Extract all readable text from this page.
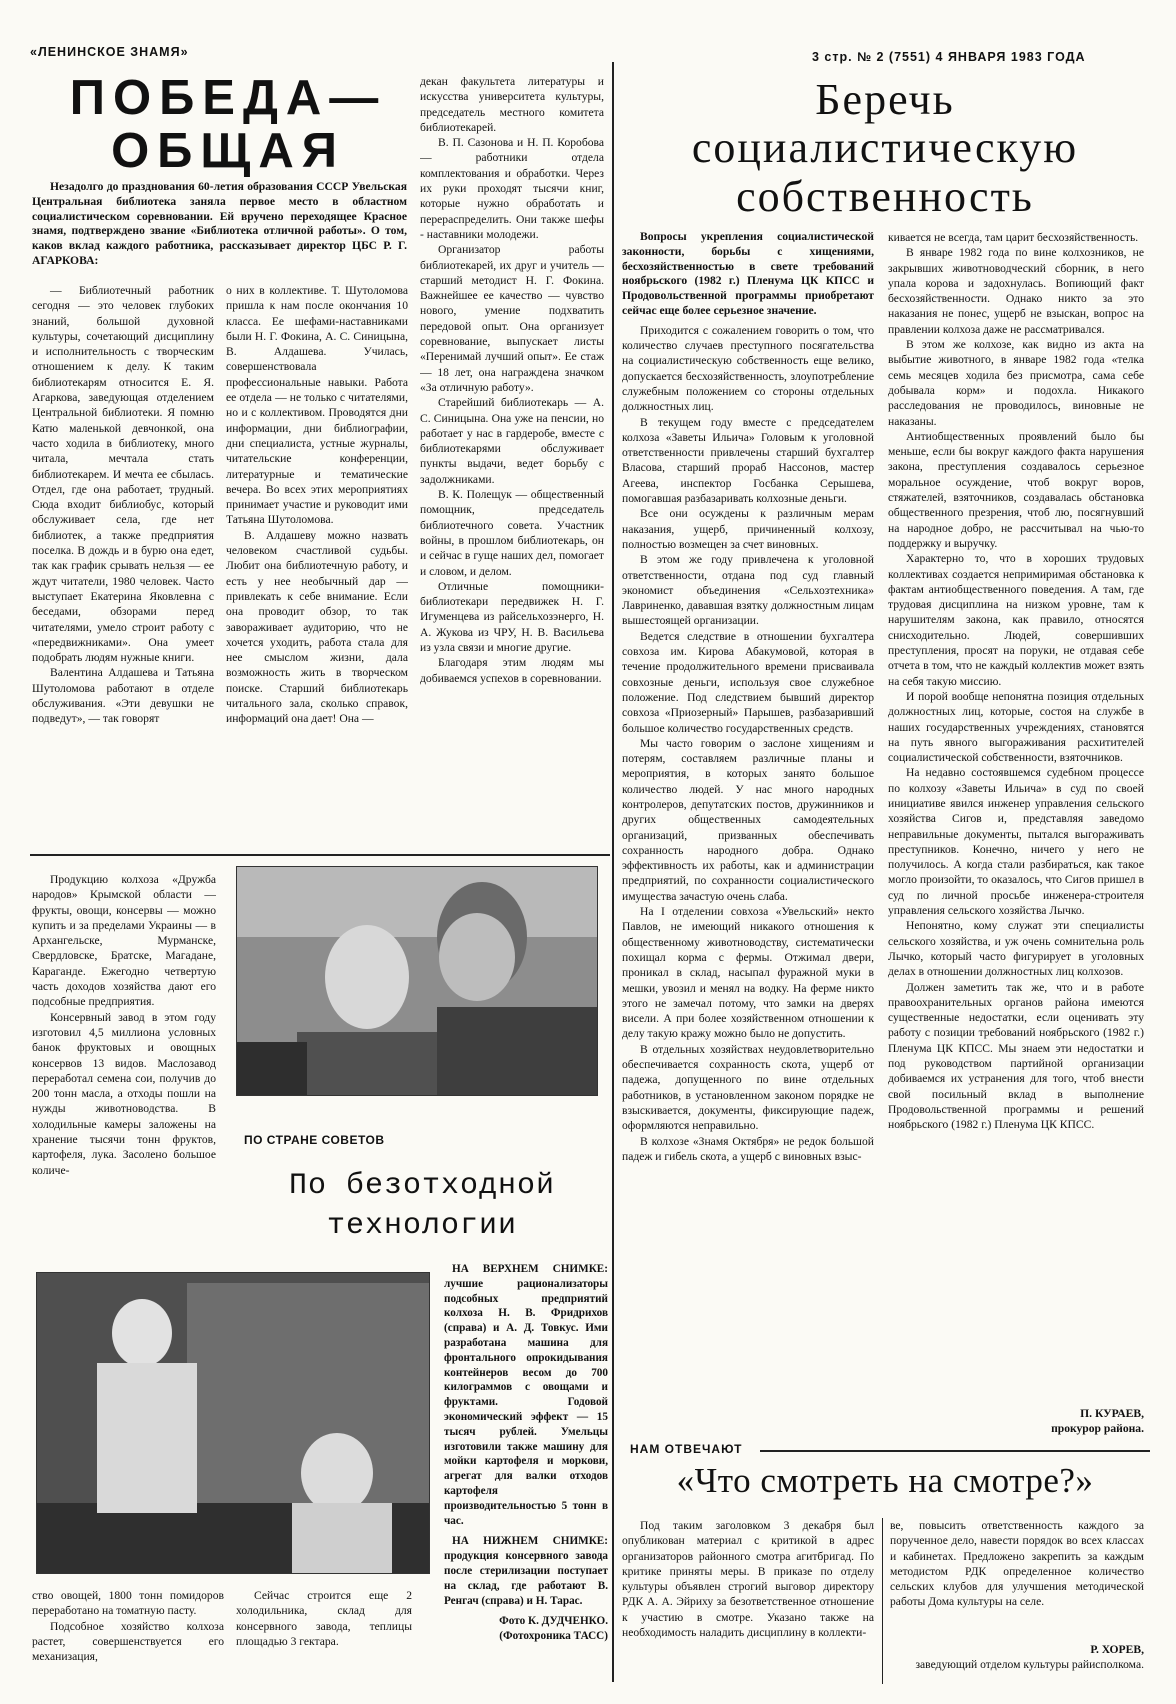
«ЛЕНИНСКОЕ ЗНАМЯ»	3 стр. № 2 (7551) 4 ЯНВАРЯ 1983 ГОДА
ПОБЕДА—
ОБЩАЯ

Незадолго до празднования 60-летия образования СССР Увельская Центральная библиотека заняла первое место в областном социалистическом соревновании. Ей вручено переходящее Красное знамя, подтверждено звание «Библиотека отличной работы». О том, каков вклад каждого работника, рассказывает директор ЦБС Р. Г. АГАРКОВА:

— Библиотечный работник сегодня — это человек глубоких знаний, большой духовной культуры, сочетающий дисциплину и исполнительность с творческим отношением к делу. К таким библиотекарям относится Е. Я. Агаркова, заведующая отделением Центральной библиотеки. Я помню Катю маленькой девчонкой, она часто ходила в библиотеку, много читала, мечтала стать библиотекарем. И мечта ее сбылась. Отдел, где она работает, трудный. Сюда входит библиобус, который обслуживает села, где нет библиотек, а также предприятия поселка. В дождь и в бурю она едет, так как график срывать нельзя — ее ждут читатели, 1980 человек. Часто выступает Екатерина Яковлевна с беседами, обзорами перед читателями, умело строит работу с «передвижниками». Она умеет подобрать людям нужные книги.

Валентина Алдашева и Татьяна Шутоломова работают в отделе обслуживания. «Эти девушки не подведут», — так говорят

о них в коллективе. Т. Шутоломова пришла к нам после окончания 10 класса. Ее шефами-наставниками были Н. Г. Фокина, А. С. Синицына, В. Алдашева. Училась, совершенствовала профессиональные навыки. Работа ее отдела — не только с читателями, но и с коллективом. Проводятся дни информации, дни библиографии, дни специалиста, устные журналы, читательские конференции, литературные и тематические вечера. Во всех этих мероприятиях принимает участие и руководит ими Татьяна Шутоломова.

В. Алдашеву можно назвать человеком счастливой судьбы. Любит она библиотечную работу, и есть у нее необычный дар — привлекать к себе внимание. Если она проводит обзор, то так завораживает аудиторию, что не хочется уходить, работа стала для нее смыслом жизни, дала возможность жить в творческом поиске. Старший библиотекарь читального зала, сколько справок, информаций она дает! Она —

декан факультета литературы и искусства университета культуры, председатель местного комитета библиотекарей.

В. П. Сазонова и Н. П. Коробова — работники отдела комплектования и обработки. Через их руки проходят тысячи книг, которые нужно обработать и перераспределить. Они также шефы - наставники молодежи.

Организатор работы библиотекарей, их друг и учитель — старший методист Н. Г. Фокина. Важнейшее ее качество — чувство нового, умение подхватить передовой опыт. Она организует соревнование, выпускает листы «Перенимай лучший опыт». Ее стаж — 18 лет, она награждена значком «За отличную работу».

Старейший библиотекарь — А. С. Синицына. Она уже на пенсии, но работает у нас в гардеробе, вместе с библиотекарями обслуживает пункты выдачи, ведет борьбу с задолжниками.

В. К. Полещук — общественный помощник, председатель библиотечного совета. Участник войны, в прошлом библиотекарь, он и сейчас в гуще наших дел, помогает и словом, и делом.

Отличные помощники-библиотекари передвижек Н. Г. Игуменцева из райсельхозэнерго, Н. А. Жукова из ЧРУ, Н. В. Васильева из узла связи и многие другие.

Благодаря этим людям мы добиваемся успехов в соревновании.

Беречь
социалистическую
собственность

Вопросы укрепления социалистической законности, борьбы с хищениями, бесхозяйственностью в свете требований ноябрьского (1982 г.) Пленума ЦК КПСС и Продовольственной программы приобретают сейчас еще более серьезное значение.

Приходится с сожалением говорить о том, что количество случаев преступного посягательства на социалистическую собственность еще велико, допускается бесхозяйственность, злоупотребление служебным положением со стороны отдельных должностных лиц.

В текущем году вместе с председателем колхоза «Заветы Ильича» Головым к уголовной ответственности привлечены старший бухгалтер Власова, старший прораб Нассонов, мастер Агеева, инспектор Госбанка Серышева, помогавшая разбазаривать колхозные деньги.

Все они осуждены к различным мерам наказания, ущерб, причиненный колхозу, полностью возмещен за счет виновных.

В этом же году привлечена к уголовной ответственности, отдана под суд главный экономист объединения «Сельхозтехника» Лавриненко, дававшая взятку должностным лицам вышестоящей организации.

Ведется следствие в отношении бухгалтера совхоза им. Кирова Абакумовой, которая в течение продолжительного времени присваивала совхозные деньги, используя свое служебное положение. Под следствием бывший директор совхоза «Приозерный» Парышев, разбазаривший большое количество государственных средств.

Мы часто говорим о заслоне хищениям и потерям, составляем различные планы и мероприятия, в которых занято большое количество людей. У нас много народных контролеров, депутатских постов, дружинников и других общественных самодеятельных организаций, призванных обеспечивать сохранность народного добра. Однако эффективность их работы, как и администрации предприятий, по сохранности социалистического имущества зачастую очень слаба.

На I отделении совхоза «Увельский» некто Павлов, не имеющий никакого отношения к общественному животноводству, систематически похищал корма с фермы. Отжимал двери, проникал в склад, насыпал фуражной муки в мешки, увозил и менял на водку. На ферме никто этого не замечал потому, что замки на дверях висели. А при более хозяйственном отношении к делу такую кражу можно было не допустить.

В отдельных хозяйствах неудовлетворительно обеспечивается сохранность скота, ущерб от падежа, допущенного по вине отдельных работников, в установленном законом порядке не взыскивается, документы, фиксирующие падеж, оформляются неправильно.

В колхозе «Знамя Октября» не редок большой падеж и гибель скота, а ущерб с виновных взыс-

кивается не всегда, там царит бесхозяйственность.

В январе 1982 года по вине колхозников, не закрывших животноводческий сборник, в него упала корова и задохнулась. Вопиющий факт бесхозяйственности. Однако никто за это наказания не понес, ущерб не взыскан, вопрос на правлении колхоза даже не рассматривался.

В этом же колхозе, как видно из акта на выбытие животного, в январе 1982 года «телка семь месяцев ходила без присмотра, сама себе добывала корм» и подохла. Никакого расследования не проводилось, виновные не наказаны.

Антиобщественных проявлений было бы меньше, если бы вокруг каждого факта нарушения закона, преступления создавалось серьезное моральное осуждение, чтоб вокруг воров, стяжателей, взяточников, создавалась обстановка общественного презрения, чтоб лю, посягнувший на народное добро, не рассчитывал на чью-то поддержку и выручку.

Характерно то, что в хороших трудовых коллективах создается непримиримая обстановка к фактам антиобщественного поведения. А там, где трудовая дисциплина на низком уровне, там к нарушителям закона, как правило, относятся снисходительно. Людей, совершивших преступления, просят на поруки, не отдавая себе отчета в том, что не каждый коллектив может взять на себя такую миссию.

И порой вообще непонятна позиция отдельных должностных лиц, которые, состоя на службе в наших государственных учреждениях, становятся на путь явного выгораживания расхитителей социалистической собственности, взяточников.

На недавно состоявшемся судебном процессе по колхозу «Заветы Ильича» в суд по своей инициативе явился инженер управления сельского хозяйства Сигов и, представляя заведомо неправильные документы, пытался выгораживать преступников. Конечно, ничего у него не получилось. А когда стали разбираться, как такое могло произойти, то оказалось, что Сигов пришел в суд по личной просьбе инженера-строителя управления сельского хозяйства Лычко.

Непонятно, кому служат эти специалисты сельского хозяйства, и уж очень сомнительна роль Лычко, который часто фигурирует в уголовных делах в отношении должностных лиц колхозов.

Должен заметить так же, что и в работе правоохранительных органов района имеются существенные недостатки, если оценивать эту работу с позиции требований ноябрьского (1982 г.) Пленума ЦК КПСС. Мы знаем эти недостатки и под руководством партийной организации добиваемся их устранения для того, чтоб внести свой посильный вклад в выполнение Продовольственной программы и решений ноябрьского (1982 г.) Пленума ЦК КПСС.

П. КУРАЕВ,
прокурор района.

Продукцию колхоза «Дружба народов» Крымской области — фрукты, овощи, консервы — можно купить и за пределами Украины — в Архангельске, Мурманске, Свердловске, Братске, Магадане, Караганде. Ежегодно четвертую часть доходов хозяйства дают его подсобные предприятия.

Консервный завод в этом году изготовил 4,5 миллиона условных банок фруктовых и овощных консервов 13 видов. Маслозавод переработал семена сои, получив до 200 тонн масла, а отходы пошли на нужды животноводства. В холодильные камеры заложены на хранение тысячи тонн фруктов, картофеля, лука. Засолено большое количе-

ПО СТРАНЕ СОВЕТОВ
По безотходной
технологии

НА ВЕРХНЕМ СНИМКЕ: лучшие рационализаторы подсобных предприятий колхоза Н. В. Фридрихов (справа) и А. Д. Товкус. Ими разработана машина для фронтального опрокидывания контейнеров весом до 700 килограммов с овощами и фруктами. Годовой экономический эффект — 15 тысяч рублей. Умельцы изготовили также машину для мойки картофеля и моркови, агрегат для валки отходов картофеля производительностью 5 тонн в час.

НА НИЖНЕМ СНИМКЕ: продукция консервного завода после стерилизации поступает на склад, где работают В. Ренгач (справа) и Н. Тарас.

Фото К. ДУДЧЕНКО.
(Фотохроника ТАСС)

ство овощей, 1800 тонн помидоров переработано на томатную пасту.

Подсобное хозяйство колхоза растет, совершенствуется его механизация,

Сейчас строится еще 2 холодильника, склад для консервного завода, теплицы площадью 3 гектара.

НАМ ОТВЕЧАЮТ
«Что смотреть на смотре?»

Под таким заголовком 3 декабря был опубликован материал с критикой в адрес организаторов районного смотра агитбригад. По критике приняты меры. В приказе по отделу культуры объявлен строгий выговор директору РДК А. А. Эйриху за безответственное отношение к участию в смотре. Указано также на необходимость наладить дисциплину в коллекти-

ве, повысить ответственность каждого за порученное дело, навести порядок во всех классах и кабинетах. Предложено закрепить за каждым методистом РДК определенное количество сельских клубов для улучшения методической работы Дома культуры на селе.

Р. ХОРЕВ,
заведующий отделом культуры райисполкома.
